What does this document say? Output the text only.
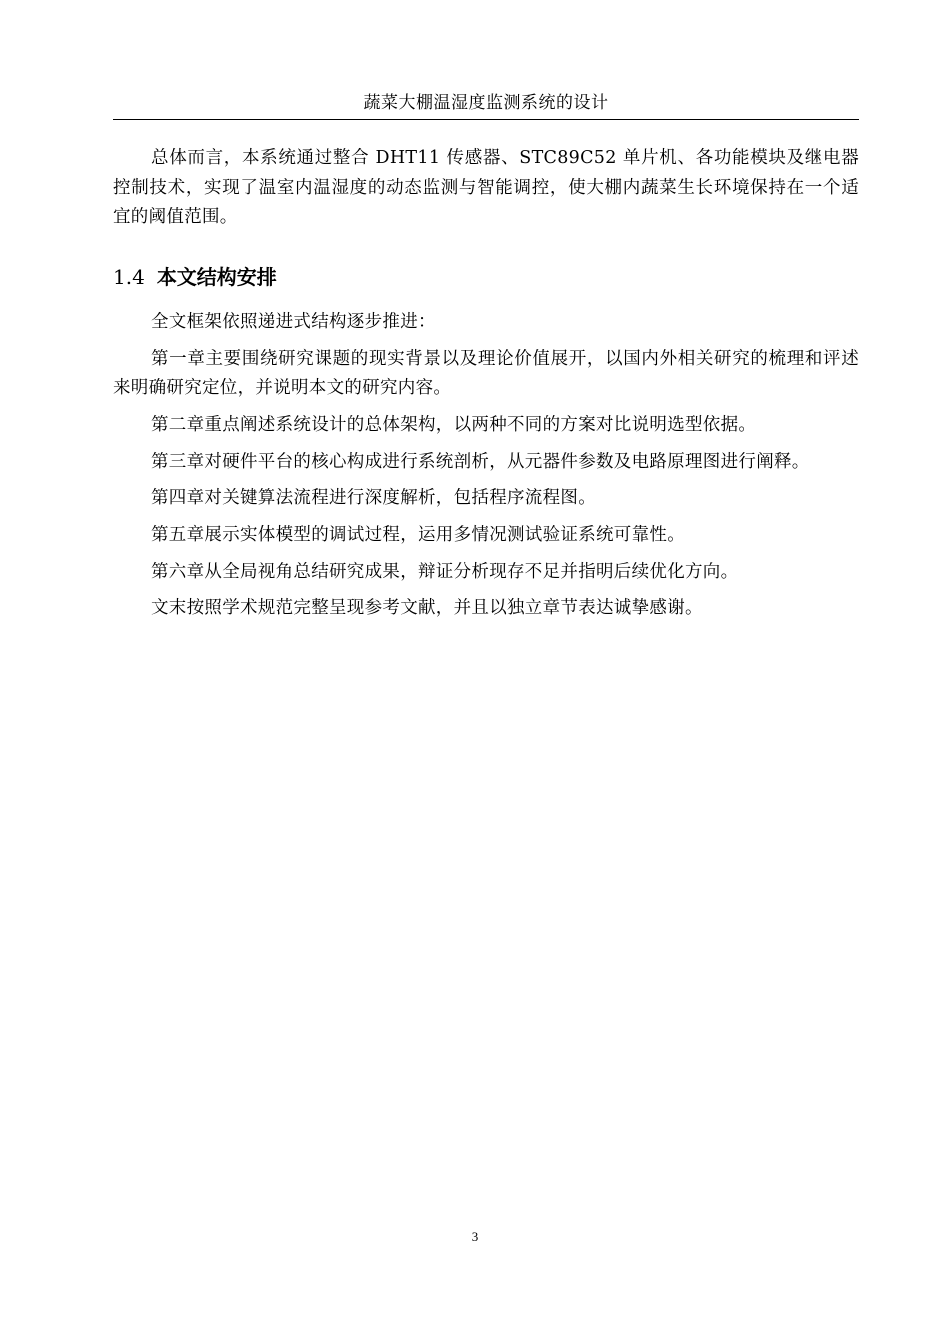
蔬菜大棚温湿度监测系统的设计

总体而言，本系统通过整合 DHT11 传感器、STC89C52 单片机、各功能模块及继电器控制技术，实现了温室内温湿度的动态监测与智能调控，使大棚内蔬菜生长环境保持在一个适宜的阈值范围。

1.4 本文结构安排

全文框架依照递进式结构逐步推进：

第一章主要围绕研究课题的现实背景以及理论价值展开，以国内外相关研究的梳理和评述来明确研究定位，并说明本文的研究内容。

第二章重点阐述系统设计的总体架构，以两种不同的方案对比说明选型依据。

第三章对硬件平台的核心构成进行系统剖析，从元器件参数及电路原理图进行阐释。

第四章对关键算法流程进行深度解析，包括程序流程图。

第五章展示实体模型的调试过程，运用多情况测试验证系统可靠性。

第六章从全局视角总结研究成果，辩证分析现存不足并指明后续优化方向。

文末按照学术规范完整呈现参考文献，并且以独立章节表达诚挚感谢。

3
